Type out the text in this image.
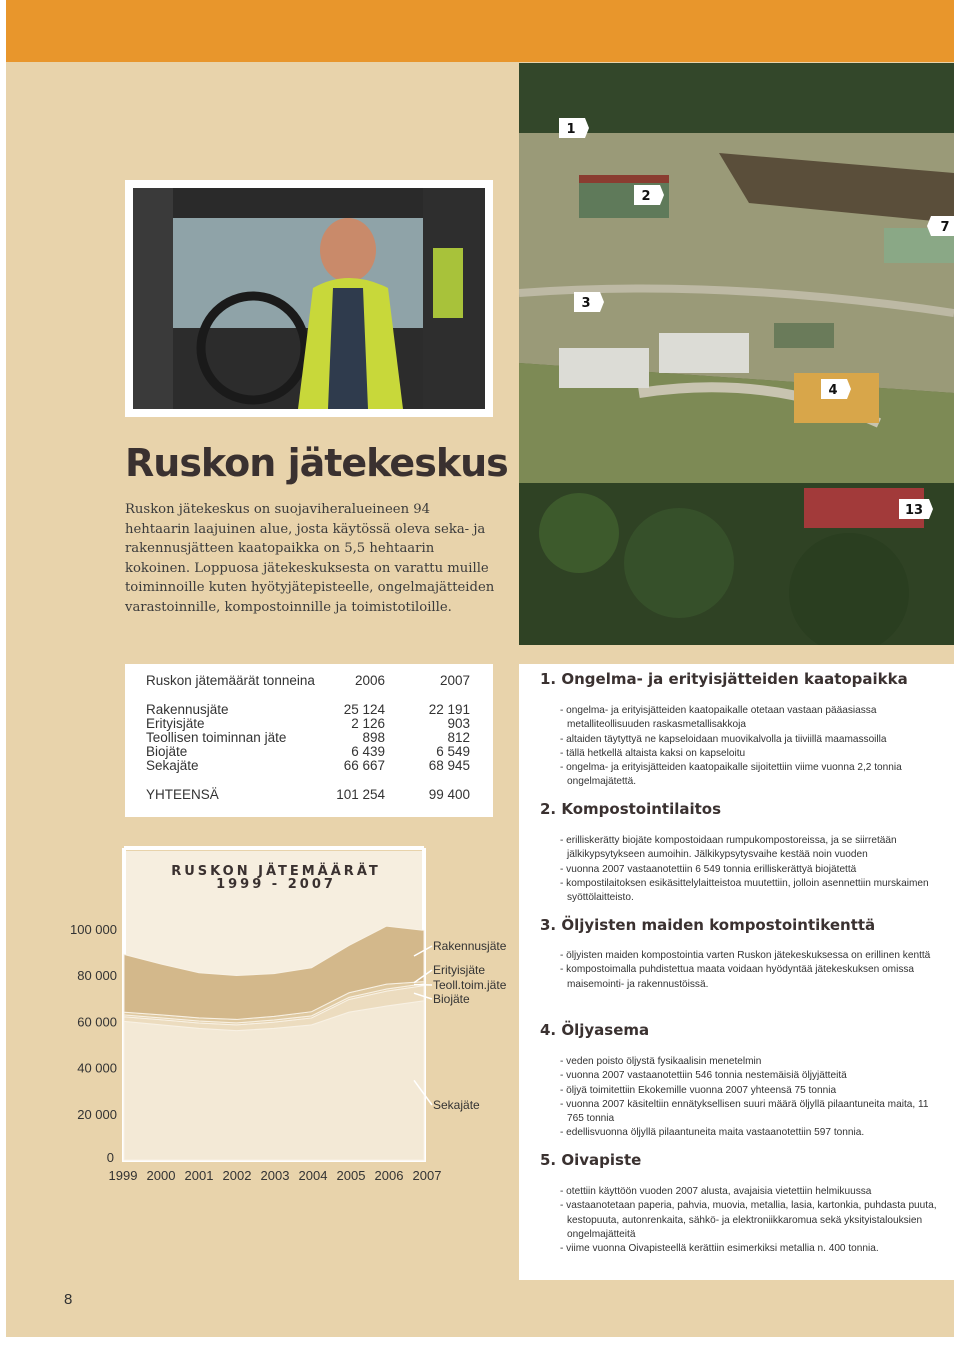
1
2
7
3
4
13
Ruskon jätekeskus

Ruskon jätekeskus on suojaviheralueineen 94 hehtaarin laajuinen alue, josta käytössä oleva seka- ja rakennusjätteen kaatopaikka on 5,5 hehtaarin kokoinen. Loppuosa jätekeskuksesta on varattu muille toiminnoille kuten hyötyjätepisteelle, ongelmajätteiden varastoinnille, kompostoinnille ja toimistotiloille.

Ruskon jätemäärät tonneina	2006	2007
Rakennusjäte	25 124	22 191
Erityisjäte	2 126	903
Teollisen toiminnan jäte	898	812
Biojäte	6 439	6 549
Sekajäte	66 667	68 945
YHTEENSÄ	101 254	99 400
RUSKON JÄTEMÄÄRÄT
1999 - 2007
100 000
80 000
60 000
40 000
20 000
0
1999 2000 2001 2002 2003 2004 2005 2006 2007
Sekajäte
Biojäte
Teoll.toim.jäte
Erityisjäte
Rakennusjäte
1. Ongelma- ja erityisjätteiden kaatopaikka
- ongelma- ja erityisjätteiden kaatopaikalle otetaan vastaan pääasiassa metalliteollisuuden raskasmetallisakkoja
- altaiden täytyttyä ne kapseloidaan muovikalvolla ja tiiviillä maamassoilla
- tällä hetkellä altaista kaksi on kapseloitu
- ongelma- ja erityisjätteiden kaatopaikalle sijoitettiin viime vuonna 2,2 tonnia ongelmajätettä.
2. Kompostointilaitos
- erilliskerätty biojäte kompostoidaan rumpukompostoreissa, ja se siirretään jälkikypsytykseen aumoihin. Jälkikypsytysvaihe kestää noin vuoden
- vuonna 2007 vastaanotettiin 6 549 tonnia erilliskerättyä biojätettä
- kompostilaitoksen esikäsittelylaitteistoa muutettiin, jolloin asennettiin murskaimen syöttölaitteisto.
3. Öljyisten maiden kompostointikenttä
- öljyisten maiden kompostointia varten Ruskon jätekeskuksessa on erillinen kenttä
- kompostoimalla puhdistettua maata voidaan hyödyntää jätekeskuksen omissa maisemointi- ja rakennustöissä.
4. Öljyasema
- veden poisto öljystä fysikaalisin menetelmin
- vuonna 2007 vastaanotettiin 546 tonnia nestemäisiä öljyjätteitä
- öljyä toimitettiin Ekokemille vuonna 2007 yhteensä 75 tonnia
- vuonna 2007 käsiteltiin ennätyksellisen suuri määrä öljyllä pilaantuneita maita, 11 765 tonnia
- edellisvuonna öljyllä pilaantuneita maita vastaanotettiin 597 tonnia.
5. Oivapiste
- otettiin käyttöön vuoden 2007 alusta, avajaisia vietettiin helmikuussa
- vastaanotetaan paperia, pahvia, muovia, metallia, lasia, kartonkia, puhdasta puuta, kestopuuta, autonrenkaita, sähkö- ja elektroniikkaromua sekä yksityistalouksien ongelmajätteitä
- viime vuonna Oivapisteellä kerättiin esimerkiksi metallia n. 400 tonnia.
8
